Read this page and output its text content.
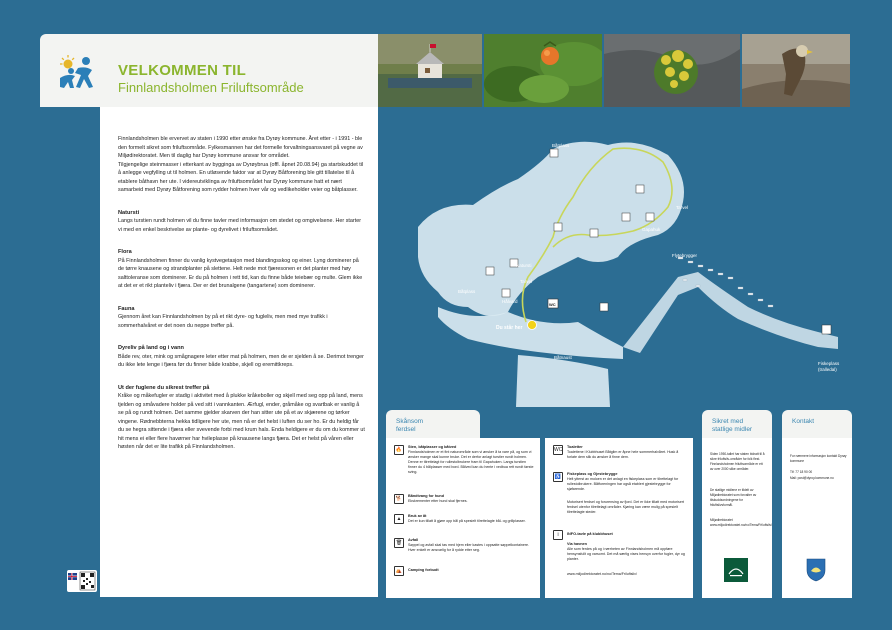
VELKOMMEN TIL
Finnlandsholmen Friluftsområde

Finnlandsholmen ble ervervet av staten i 1990 etter ønske fra Dyrøy kommune. Året etter - i 1991 - ble den formelt sikret som friluftsområde. Fylkesmannen har det formelle forvaltningsansvaret på vegne av Miljødirektoratet. Men til daglig har Dyrøy kommune ansvar for området.

Tilgjengelige steinmasser i etterkant av bygginga av Dyrøybrua (offl. åpnet 20.08.94) ga startskuddet til å anlegge vegfylling ut til holmen. En utløsende faktor var at Dyrøy Båtforening ble gitt tillatelse til å etablere båthavn her ute. I videreutviklinga av friluftsområdet har Dyrøy kommune hatt et nært samarbeid med Dyrøy Båtforening som rydder holmen hver vår og vedlikeholder veier og båtplasser.

Natursti

Langs turstien rundt holmen vil du finne tavler med informasjon om stedet og omgivelsene. Her starter vi med en enkel beskrivelse av plante- og dyrelivet i friluftsområdet.

Flora

På Finnlandsholmen finner du vanlig kystvegetasjon med blandingsskog og einer. Lyng dominerer på de tørre knausene og strandplanter på slettene. Helt nede mot fjæresonen er det planter med høy salttoleranse som dominerer. Er du på holmen i rett tid, kan du finne både teiebær og multe. Glem ikke at det er et rikt planteliv i fjæra. Der er det brunalgene (tangartene) som dominerer.

Fauna

Gjennom året kan Finnlandsholmen by på et rikt dyre- og fugleliv, men med mye trafikk i sommerhalvåret er det noen du neppe treffer på.

Dyreliv på land og i vann

Både rev, oter, mink og smågnagere leter etter mat på holmen, men de er sjelden å se. Derimot trenger du ikke lete lenge i fjæra før du finner både krabbe, skjell og eremittkreps.

Ut der fuglene du sikrest treffer på

Kråke og måkefugler er stadig i aktivitet med å plukke kråkeboller og skjell med seg opp på land, mens tjelden og småvadere holder på ved sitt i vannkanten. Ærfugl, ender, gråmåke og svartbak er vanlig å se på og rundt holmen. Det samme gjelder skarven der han sitter ute på et av skjærene og tørker vingene. Rødnebbterna hekka tidligere her ute, men nå er det helst i luften du ser ho. Er du heldig får du se hegra sittende i fjæra eller svevende forbi med krum hals. Enda heldigere er du om du kommer ut hit mens ei eller flere havørner har hvileplasse på knausene langs fjæra. Det er helst på våren eller høsten når det er lite trafikk på Finnlandsholmen.

Båtplass
Natursti
Tarvel
Tarvel
Gapahuk
Båtplass
Hålvard
Flytebrygger
Båtnaust
Fiskeplass
(tralledal)
Du står her
WC
Skånsom
ferdsel
🔥	Sten, båtplasser og båtved
Finnlandsholmen er et fint naturområde som vi ønsker å ta vare på, og som vi ønsker mange skal kunne bruke. Det er derfor anlagt turstier rundt holmen. Denne er tilrettelagt for rullestolbrukere fram til Gapahuken. Langs turstien finner du 4 bålplasser med bord. Bålved kan du hente i vedbua rett rundt første sving.
🐕	Båndtvang for hund
Ekskrementer etter hund skal fjernes.
▲	Bruk av åt
Det er kun tillatt å gjøre opp bål på spesielt tilrettelagte bål- og grillplasser.
🗑	Avfall
Søppel og avfall skal tas med hjem eller kastes i oppsatte søppelkontainere. Hver enkelt er ansvarlig for å rydde etter seg.
⛺	Camping forbudt
WC Toaletter
Toalettene i Klubbhuset Båtglim er åpne hele sommerhalvåret. Husk å forlate dem slik du ønsker å finne dem.
♿	Fiskeplass og Gjestebrygge
Helt ytterst av moloen er det anlagt en fiskeplass som er tilrettelagt for rullestolbrukere. Båtforeningen har også etablert gjestebrygge for sjøfarende.
Motorisert ferdsel og forurensing av fjord. Det er ikke tillatt med motorisert ferdsel utenfor tilrettelagt områder. Kjøring kan være mulig på spesielt tilrettelagte steder.
i	INFO-tavle på klubbhuset
Via havnen
Alle som ferdes på og i nærheten av Finnlandsholmen må oppføre hensynsfullt og varsomt. Det må særlig vises hensyn overfor fugler, dyr og planter.
www.miljodirektoratet.no/no/Tema/Friluftsliv/
Sikret med
statlige midler
Siden 1950-tallet har staten bidratt til å sikre friluftsliv-områder for folk flest. Finnlandsholmen friluftsområde er ett av over 2000 slike områder.
De statlige midlene er tildelt av Miljødirektoratet som forvalter av tilskuddsordningene for friluftslivsformål.
Miljødirektoratet www.miljodirektoratet.no/no/Tema/Friluftsliv/
Kontakt
For nærmere informasjon kontakt Dyrøy kommune
Tlf: 77 18 90 00
Mail: post@dyroy.kommune.no
